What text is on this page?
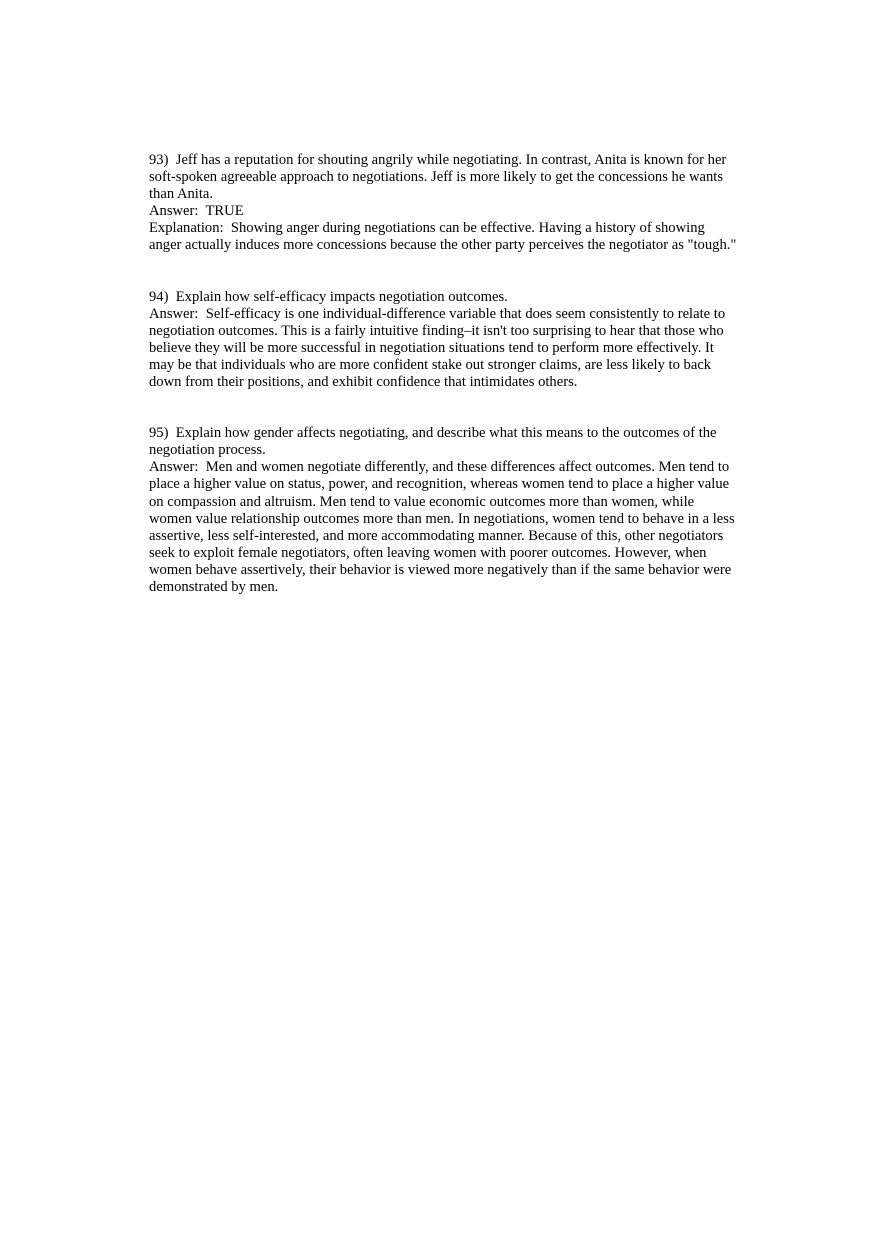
93) Jeff has a reputation for shouting angrily while negotiating. In contrast, Anita is known for her soft-spoken agreeable approach to negotiations. Jeff is more likely to get the concessions he wants than Anita.

Answer: TRUE

Explanation: Showing anger during negotiations can be effective. Having a history of showing anger actually induces more concessions because the other party perceives the negotiator as "tough."

94) Explain how self-efficacy impacts negotiation outcomes.

Answer: Self-efficacy is one individual-difference variable that does seem consistently to relate to negotiation outcomes. This is a fairly intuitive finding–it isn't too surprising to hear that those who believe they will be more successful in negotiation situations tend to perform more effectively. It may be that individuals who are more confident stake out stronger claims, are less likely to back down from their positions, and exhibit confidence that intimidates others.

95) Explain how gender affects negotiating, and describe what this means to the outcomes of the negotiation process.

Answer: Men and women negotiate differently, and these differences affect outcomes. Men tend to place a higher value on status, power, and recognition, whereas women tend to place a higher value on compassion and altruism. Men tend to value economic outcomes more than women, while women value relationship outcomes more than men. In negotiations, women tend to behave in a less assertive, less self-interested, and more accommodating manner. Because of this, other negotiators seek to exploit female negotiators, often leaving women with poorer outcomes. However, when women behave assertively, their behavior is viewed more negatively than if the same behavior were demonstrated by men.
